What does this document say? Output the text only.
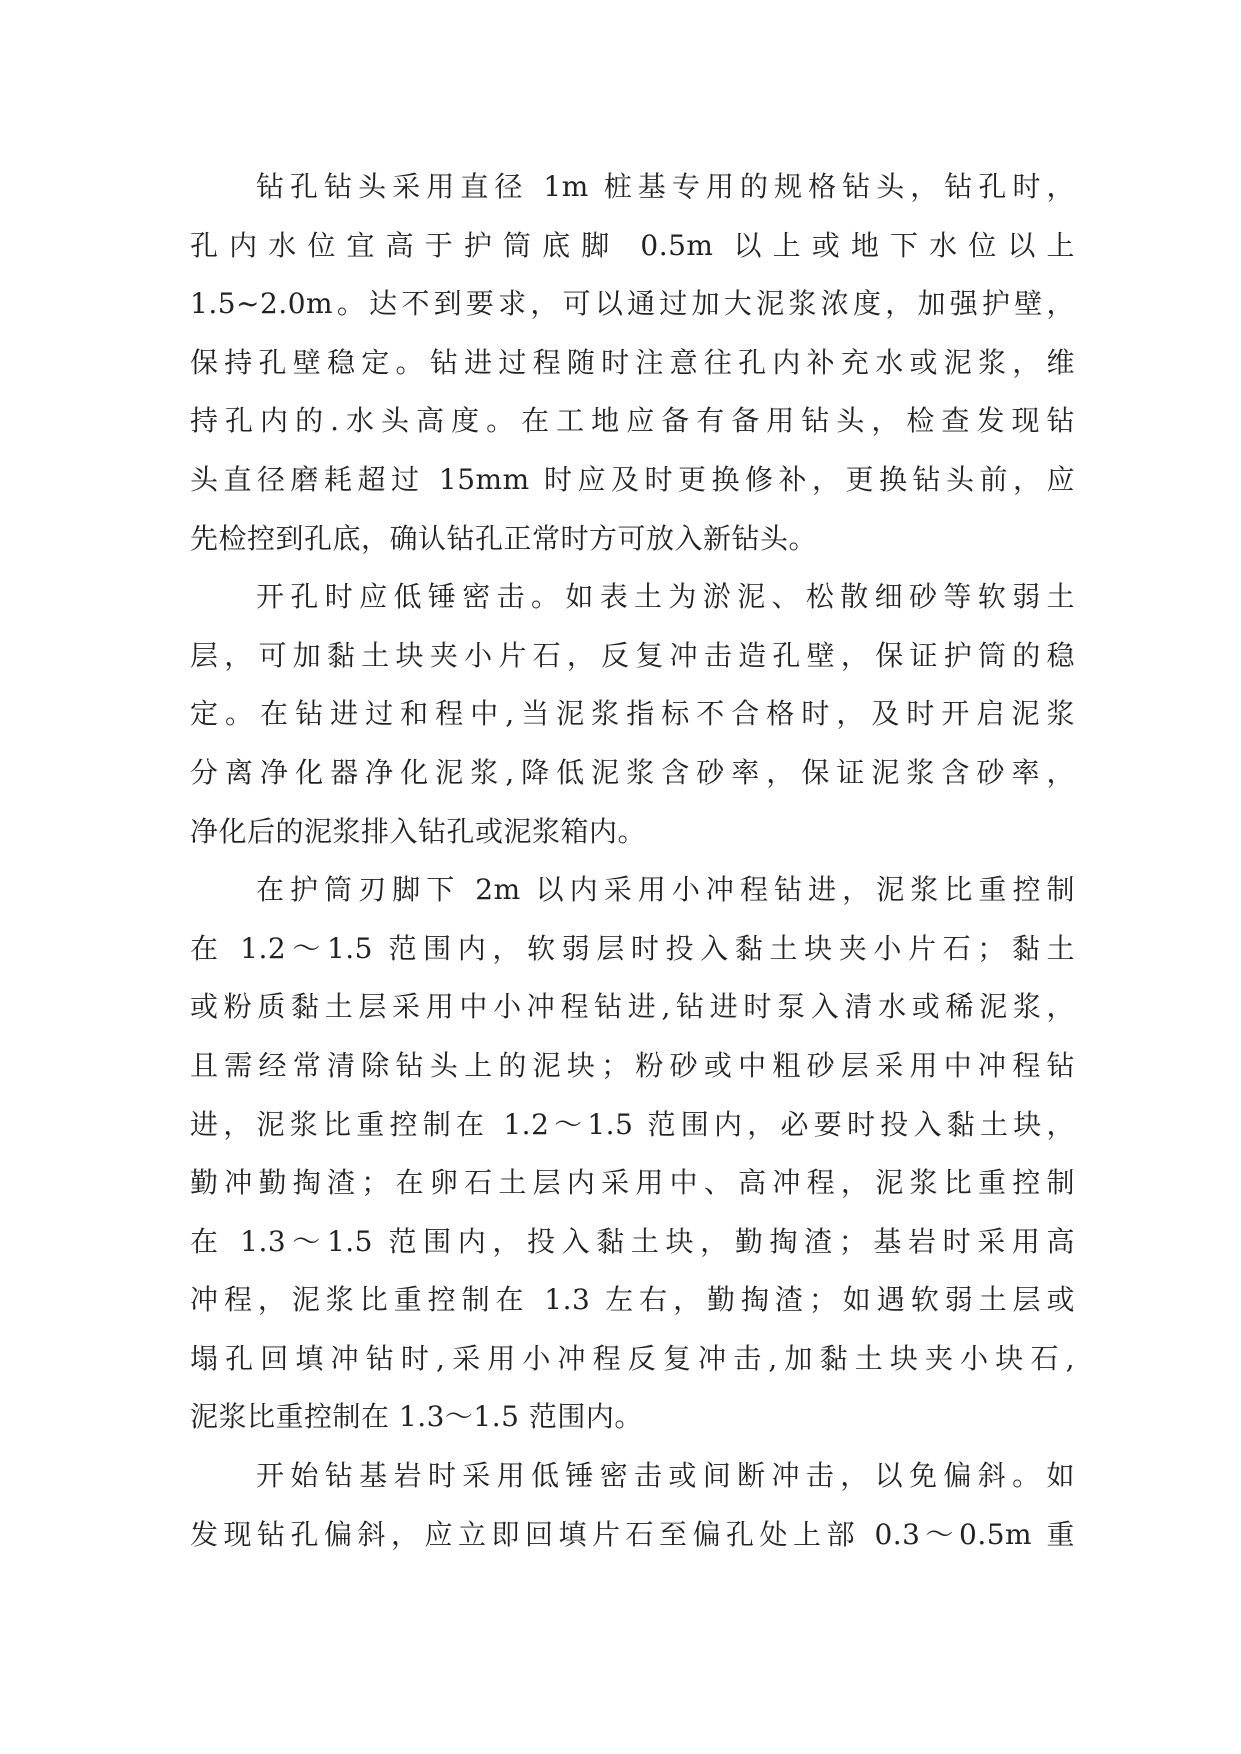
钻孔钻头采用直径 1m 桩基专用的规格钻头，钻孔时，
孔内水位宜高于护筒底脚 0.5m 以上或地下水位以上
1.5~2.0m。达不到要求，可以通过加大泥浆浓度，加强护壁，
保持孔壁稳定。钻进过程随时注意往孔内补充水或泥浆，维
持孔内的.水头高度。在工地应备有备用钻头，检查发现钻
头直径磨耗超过 15mm 时应及时更换修补，更换钻头前，应
先检控到孔底，确认钻孔正常时方可放入新钻头。

开孔时应低锤密击。如表土为淤泥、松散细砂等软弱土
层，可加黏土块夹小片石，反复冲击造孔壁，保证护筒的稳
定。在钻进过和程中,当泥浆指标不合格时，及时开启泥浆
分离净化器净化泥浆,降低泥浆含砂率，保证泥浆含砂率，
净化后的泥浆排入钻孔或泥浆箱内。

在护筒刃脚下 2m 以内采用小冲程钻进，泥浆比重控制
在 1.2～1.5 范围内，软弱层时投入黏土块夹小片石；黏土
或粉质黏土层采用中小冲程钻进,钻进时泵入清水或稀泥浆，
且需经常清除钻头上的泥块；粉砂或中粗砂层采用中冲程钻
进，泥浆比重控制在 1.2～1.5 范围内，必要时投入黏土块，
勤冲勤掏渣；在卵石土层内采用中、高冲程，泥浆比重控制
在 1.3～1.5 范围内，投入黏土块，勤掏渣；基岩时采用高
冲程，泥浆比重控制在 1.3 左右，勤掏渣；如遇软弱土层或
塌孔回填冲钻时,采用小冲程反复冲击,加黏土块夹小块石,
泥浆比重控制在 1.3～1.5 范围内。

开始钻基岩时采用低锤密击或间断冲击，以免偏斜。如
发现钻孔偏斜，应立即回填片石至偏孔处上部 0.3～0.5m 重
